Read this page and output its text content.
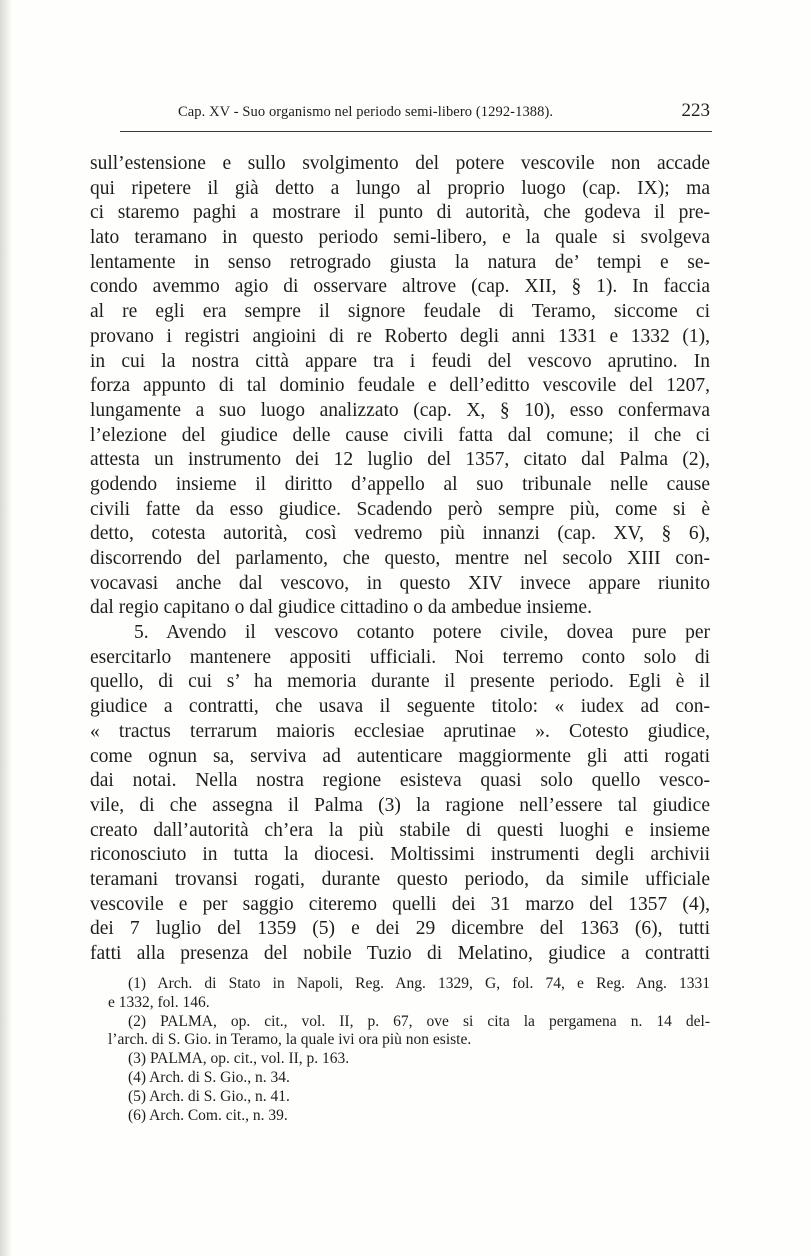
Cap. XV - Suo organismo nel periodo semi-libero (1292-1388).	223
sull’estensione e sullo svolgimento del potere vescovile non accade
qui ripetere il già detto a lungo al proprio luogo (cap. IX); ma
ci staremo paghi a mostrare il punto di autorità, che godeva il pre-
lato teramano in questo periodo semi-libero, e la quale si svolgeva
lentamente in senso retrogrado giusta la natura de’ tempi e se-
condo avemmo agio di osservare altrove (cap. XII, § 1). In faccia
al re egli era sempre il signore feudale di Teramo, siccome ci
provano i registri angioini di re Roberto degli anni 1331 e 1332 (1),
in cui la nostra città appare tra i feudi del vescovo aprutino. In
forza appunto di tal dominio feudale e dell’editto vescovile del 1207,
lungamente a suo luogo analizzato (cap. X, § 10), esso confermava
l’elezione del giudice delle cause civili fatta dal comune; il che ci
attesta un instrumento dei 12 luglio del 1357, citato dal Palma (2),
godendo insieme il diritto d’appello al suo tribunale nelle cause
civili fatte da esso giudice. Scadendo però sempre più, come si è
detto, cotesta autorità, così vedremo più innanzi (cap. XV, § 6),
discorrendo del parlamento, che questo, mentre nel secolo XIII con-
vocavasi anche dal vescovo, in questo XIV invece appare riunito
dal regio capitano o dal giudice cittadino o da ambedue insieme.
5. Avendo il vescovo cotanto potere civile, dovea pure per
esercitarlo mantenere appositi ufficiali. Noi terremo conto solo di
quello, di cui s’ ha memoria durante il presente periodo. Egli è il
giudice a contratti, che usava il seguente titolo: « iudex ad con-
« tractus terrarum maioris ecclesiae aprutinae ». Cotesto giudice,
come ognun sa, serviva ad autenticare maggiormente gli atti rogati
dai notai. Nella nostra regione esisteva quasi solo quello vesco-
vile, di che assegna il Palma (3) la ragione nell’essere tal giudice
creato dall’autorità ch’era la più stabile di questi luoghi e insieme
riconosciuto in tutta la diocesi. Moltissimi instrumenti degli archivii
teramani trovansi rogati, durante questo periodo, da simile ufficiale
vescovile e per saggio citeremo quelli dei 31 marzo del 1357 (4),
dei 7 luglio del 1359 (5) e dei 29 dicembre del 1363 (6), tutti
fatti alla presenza del nobile Tuzio di Melatino, giudice a contratti
(1) Arch. di Stato in Napoli, Reg. Ang. 1329, G, fol. 74, e Reg. Ang. 1331
e 1332, fol. 146.
(2) PALMA, op. cit., vol. II, p. 67, ove si cita la pergamena n. 14 del-
l’arch. di S. Gio. in Teramo, la quale ivi ora più non esiste.
(3) PALMA, op. cit., vol. II, p. 163.
(4) Arch. di S. Gio., n. 34.
(5) Arch. di S. Gio., n. 41.
(6) Arch. Com. cit., n. 39.
